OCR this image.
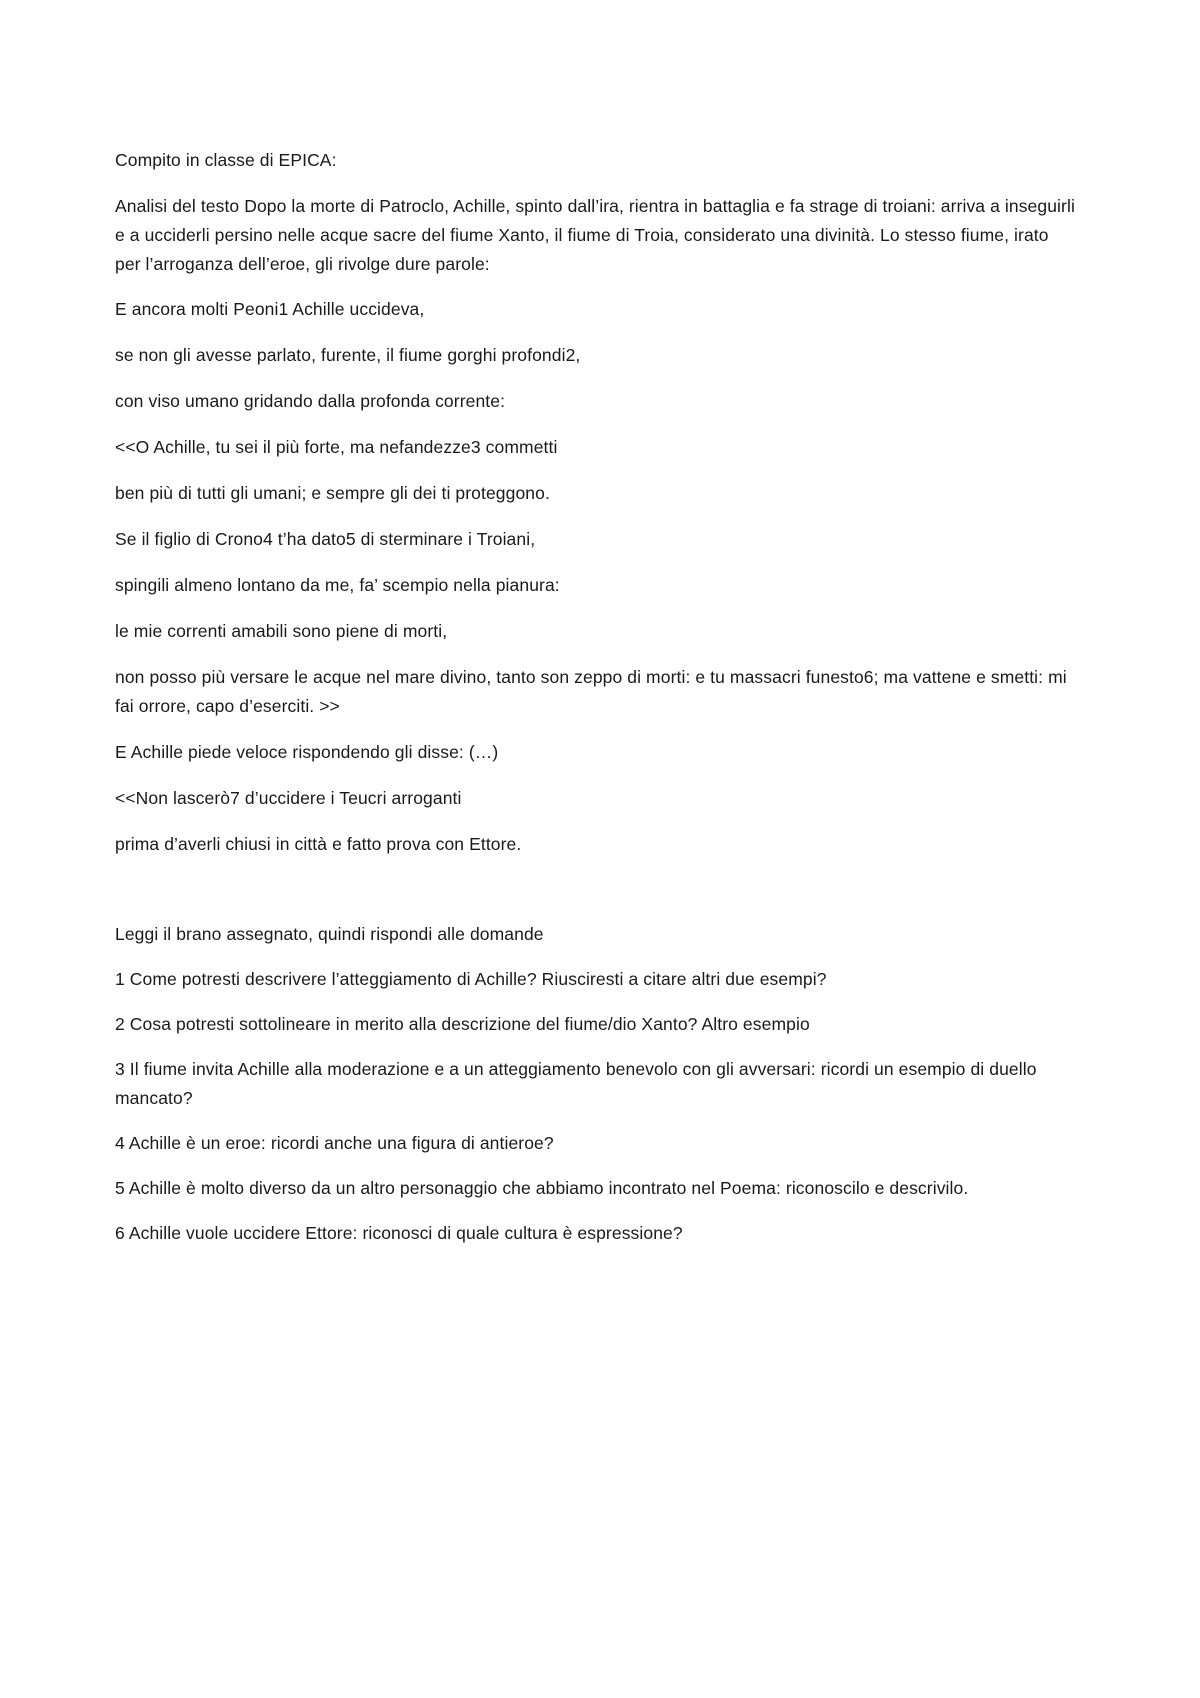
Compito in classe di EPICA:

Analisi del testo Dopo la morte di Patroclo, Achille, spinto dall’ira, rientra in battaglia e fa strage di troiani: arriva a inseguirli e a ucciderli persino nelle acque sacre del fiume Xanto, il fiume di Troia, considerato una divinità. Lo stesso fiume, irato per l’arroganza dell’eroe, gli rivolge dure parole:

E ancora molti Peoni1 Achille uccideva,

se non gli avesse parlato, furente, il fiume gorghi profondi2,

con viso umano gridando dalla profonda corrente:

<<O Achille, tu sei il più forte, ma nefandezze3 commetti

ben più di tutti gli umani; e sempre gli dei ti proteggono.

Se il figlio di Crono4 t’ha dato5 di sterminare i Troiani,

spingili almeno lontano da me, fa’ scempio nella pianura:

le mie correnti amabili sono piene di morti,

non posso più versare le acque nel mare divino, tanto son zeppo di morti: e tu massacri funesto6; ma vattene e smetti: mi fai orrore, capo d’eserciti. >>

E Achille piede veloce rispondendo gli disse: (…)

<<Non lascerò7 d’uccidere i Teucri arroganti

prima d’averli chiusi in città e fatto prova con Ettore.

Leggi il brano assegnato, quindi rispondi alle domande

1 Come potresti descrivere l’atteggiamento di Achille? Riusciresti a citare altri due esempi?

2 Cosa potresti sottolineare in merito alla descrizione del fiume/dio Xanto? Altro esempio

3 Il fiume invita Achille alla moderazione e a un atteggiamento benevolo con gli avversari: ricordi un esempio di duello mancato?

4 Achille è un eroe: ricordi anche una figura di antieroe?

5 Achille è molto diverso da un altro personaggio che abbiamo incontrato nel Poema: riconoscilo e descrivilo.

6 Achille vuole uccidere Ettore: riconosci di quale cultura è espressione?
